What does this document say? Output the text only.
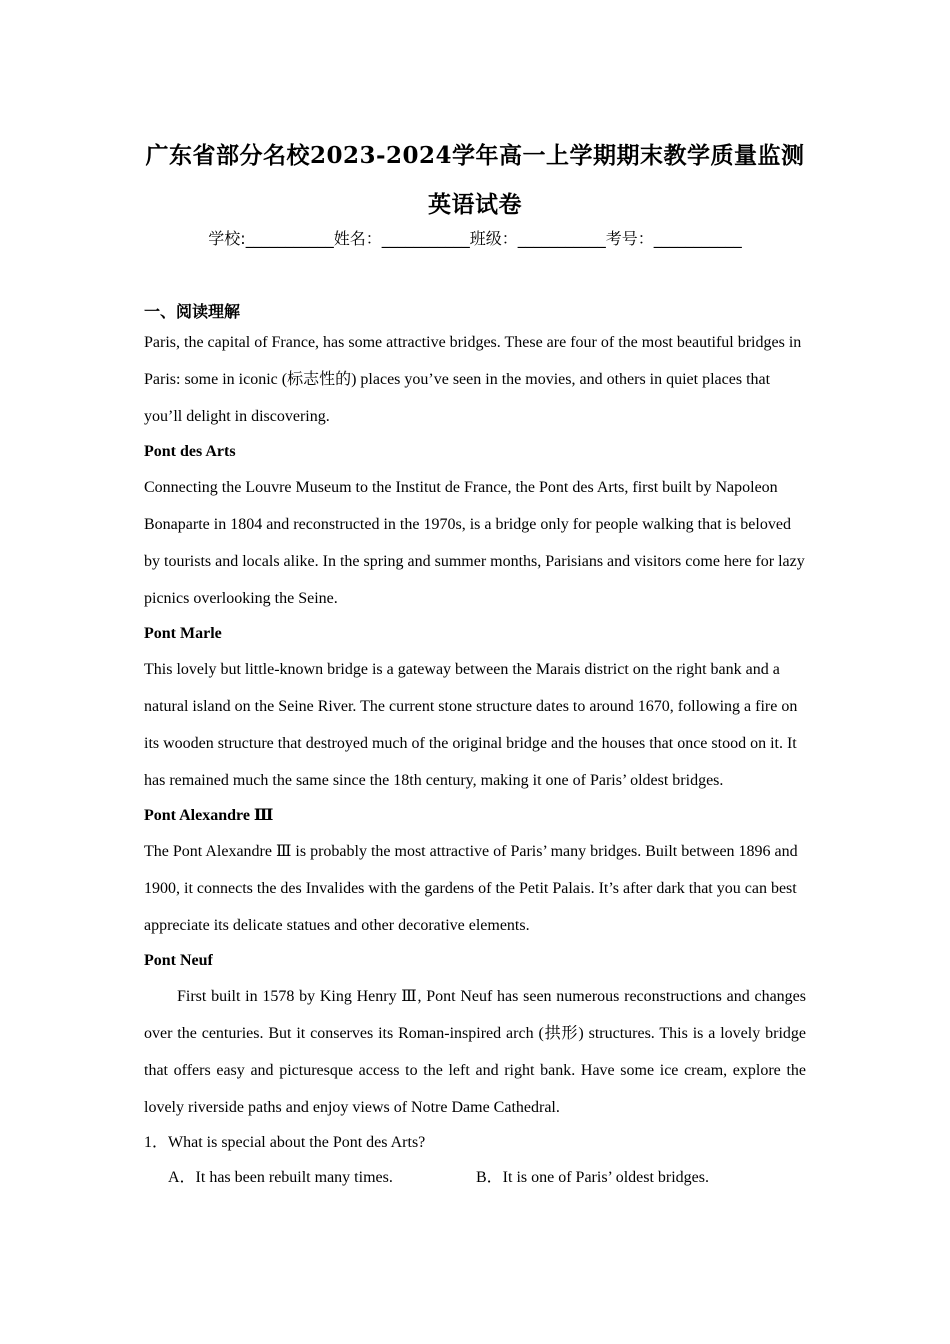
广东省部分名校2023-2024学年高一上学期期末教学质量监测
英语试卷
学校:___________姓名：___________班级：___________考号：___________

一、阅读理解

Paris, the capital of France, has some attractive bridges. These are four of the most beautiful bridges in Paris: some in iconic (标志性的) places you’ve seen in the movies, and others in quiet places that you’ll delight in discovering.

Pont des Arts

Connecting the Louvre Museum to the Institut de France, the Pont des Arts, first built by Napoleon Bonaparte in 1804 and reconstructed in the 1970s, is a bridge only for people walking that is beloved by tourists and locals alike. In the spring and summer months, Parisians and visitors come here for lazy picnics overlooking the Seine.

Pont Marle

This lovely but little-known bridge is a gateway between the Marais district on the right bank and a natural island on the Seine River. The current stone structure dates to around 1670, following a fire on its wooden structure that destroyed much of the original bridge and the houses that once stood on it. It has remained much the same since the 18th century, making it one of Paris’ oldest bridges.

Pont Alexandre Ⅲ

The Pont Alexandre Ⅲ is probably the most attractive of Paris’ many bridges. Built between 1896 and 1900, it connects the des Invalides with the gardens of the Petit Palais. It’s after dark that you can best appreciate its delicate statues and other decorative elements.

Pont Neuf

First built in 1578 by King Henry Ⅲ, Pont Neuf has seen numerous reconstructions and changes over the centuries. But it conserves its Roman-inspired arch (拱形) structures. This is a lovely bridge that offers easy and picturesque access to the left and right bank. Have some ice cream, explore the lovely riverside paths and enjoy views of Notre Dame Cathedral.

1．What is special about the Pont des Arts?

A．It has been rebuilt many times.	B．It is one of Paris’ oldest bridges.
